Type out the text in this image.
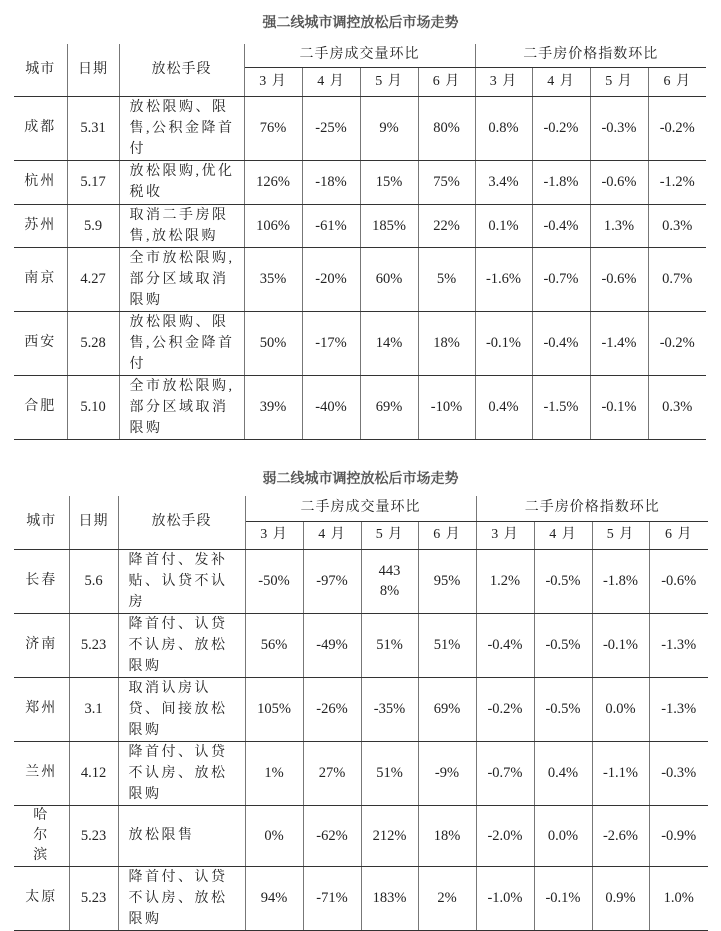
强二线城市调控放松后市场走势
城市	日期	放松手段	二手房成交量环比				二手房价格指数环比			
			3 月	4 月	5 月	6 月	3 月	4 月	5 月	6 月
成都	5.31	放松限购、限售,公积金降首付	76%	-25%	9%	80%	0.8%	-0.2%	-0.3%	-0.2%
杭州	5.17	放松限购,优化税收	126%	-18%	15%	75%	3.4%	-1.8%	-0.6%	-1.2%
苏州	5.9	取消二手房限售,放松限购	106%	-61%	185%	22%	0.1%	-0.4%	1.3%	0.3%
南京	4.27	全市放松限购,部分区域取消限购	35%	-20%	60%	5%	-1.6%	-0.7%	-0.6%	0.7%
西安	5.28	放松限购、限售,公积金降首付	50%	-17%	14%	18%	-0.1%	-0.4%	-1.4%	-0.2%
合肥	5.10	全市放松限购,部分区域取消限购	39%	-40%	69%	-10%	0.4%	-1.5%	-0.1%	0.3%
弱二线城市调控放松后市场走势
城市	日期	放松手段	二手房成交量环比				二手房价格指数环比			
			3 月	4 月	5 月	6 月	3 月	4 月	5 月	6 月
长春	5.6	降首付、发补贴、认贷不认房	-50%	-97%	4438%	95%	1.2%	-0.5%	-1.8%	-0.6%
济南	5.23	降首付、认贷不认房、放松限购	56%	-49%	51%	51%	-0.4%	-0.5%	-0.1%	-1.3%
郑州	3.1	取消认房认贷、间接放松限购	105%	-26%	-35%	69%	-0.2%	-0.5%	0.0%	-1.3%
兰州	4.12	降首付、认贷不认房、放松限购	1%	27%	51%	-9%	-0.7%	0.4%	-1.1%	-0.3%
哈尔滨	5.23	放松限售	0%	-62%	212%	18%	-2.0%	0.0%	-2.6%	-0.9%
太原	5.23	降首付、认贷不认房、放松限购	94%	-71%	183%	2%	-1.0%	-0.1%	0.9%	1.0%
